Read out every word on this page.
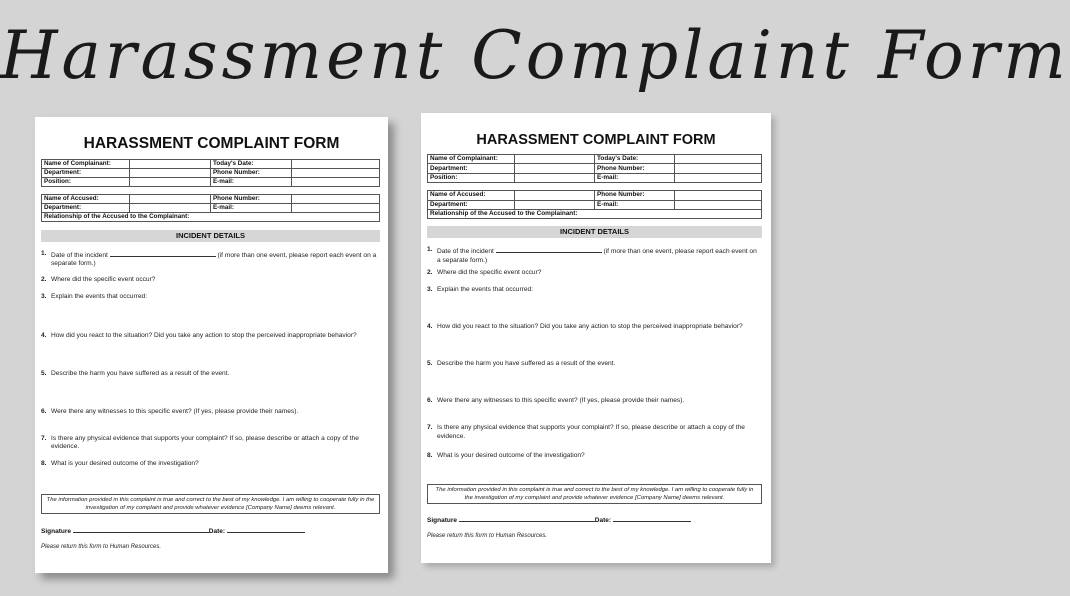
Harassment Complaint Form
HARASSMENT COMPLAINT FORM
Name of Complainant:		Today's Date:	
Department:		Phone Number:	
Position:		E-mail:	
Name of Accused:		Phone Number:	
Department:		E-mail:	
Relationship of the Accused to the Complainant:			
INCIDENT DETAILS
1. Date of the incident	(if more than one event, please report each event on a separate form.)
2. Where did the specific event occur?
3. Explain the events that occurred:
4. How did you react to the situation? Did you take any action to stop the perceived inappropriate behavior?
5. Describe the harm you have suffered as a result of the event.
6. Were there any witnesses to this specific event? (If yes, please provide their names).
7. Is there any physical evidence that supports your complaint? If so, please describe or attach a copy of the evidence.
8. What is your desired outcome of the investigation?
The information provided in this complaint is true and correct to the best of my knowledge. I am willing to cooperate fully in the investigation of my complaint and provide whatever evidence [Company Name] deems relevant.
Signature	Date:
Please return this form to Human Resources.
HARASSMENT COMPLAINT FORM
Name of Complainant:		Today's Date:	
Department:		Phone Number:	
Position:		E-mail:	
Name of Accused:		Phone Number:	
Department:		E-mail:	
Relationship of the Accused to the Complainant:			
INCIDENT DETAILS
1. Date of the incident	(if more than one event, please report each event on a separate form.)
2. Where did the specific event occur?
3. Explain the events that occurred:
4. How did you react to the situation? Did you take any action to stop the perceived inappropriate behavior?
5. Describe the harm you have suffered as a result of the event.
6. Were there any witnesses to this specific event? (If yes, please provide their names).
7. Is there any physical evidence that supports your complaint? If so, please describe or attach a copy of the evidence.
8. What is your desired outcome of the investigation?
The information provided in this complaint is true and correct to the best of my knowledge. I am willing to cooperate fully in the investigation of my complaint and provide whatever evidence [Company Name] deems relevant.
Signature	Date:
Please return this form to Human Resources.
